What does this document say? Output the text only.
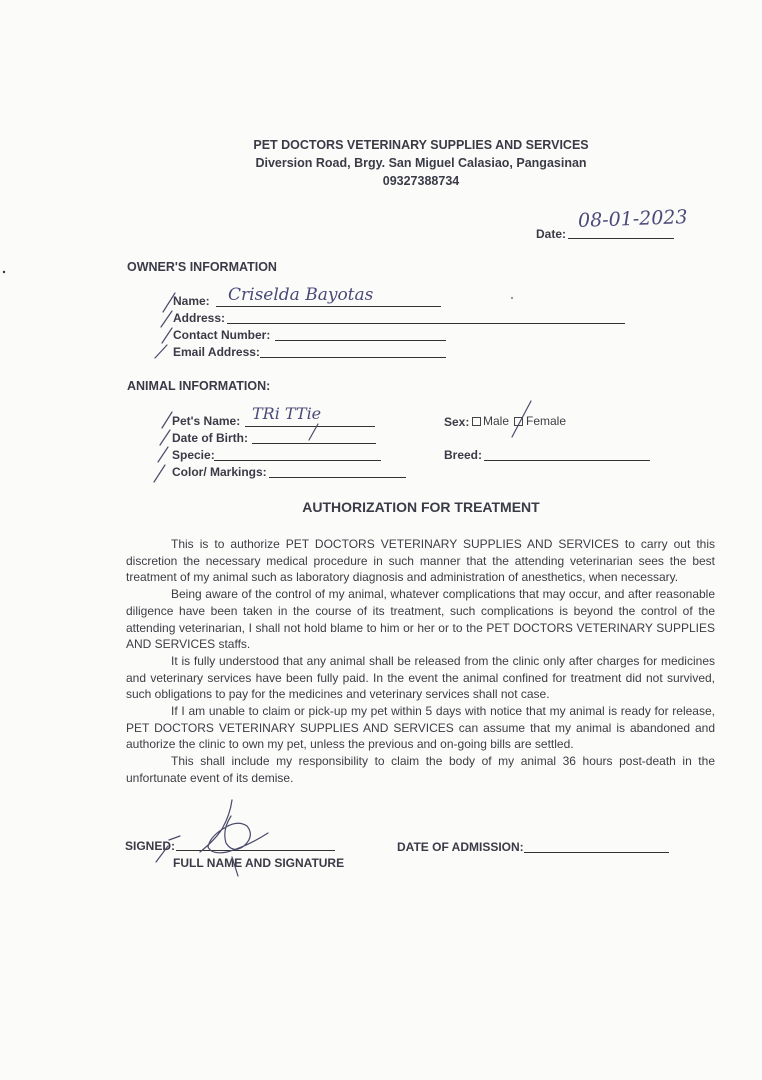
PET DOCTORS VETERINARY SUPPLIES AND SERVICES
Diversion Road, Brgy. San Miguel Calasiao, Pangasinan
09327388734
Date:
08-01-2023
OWNER'S INFORMATION
Name: Criselda Bayotas
Address:
Contact Number:
Email Address:
ANIMAL INFORMATION:
Pet's Name: TRi TTie
Date of Birth:
Specie:
Color/ Markings:
Sex: Male Female
Breed:
AUTHORIZATION FOR TREATMENT

This is to authorize PET DOCTORS VETERINARY SUPPLIES AND SERVICES to carry out this discretion the necessary medical procedure in such manner that the attending veterinarian sees the best treatment of my animal such as laboratory diagnosis and administration of anesthetics, when necessary.

Being aware of the control of my animal, whatever complications that may occur, and after reasonable diligence have been taken in the course of its treatment, such complications is beyond the control of the attending veterinarian, I shall not hold blame to him or her or to the PET DOCTORS VETERINARY SUPPLIES AND SERVICES staffs.

It is fully understood that any animal shall be released from the clinic only after charges for medicines and veterinary services have been fully paid. In the event the animal confined for treatment did not survived, such obligations to pay for the medicines and veterinary services shall not case.

If I am unable to claim or pick-up my pet within 5 days with notice that my animal is ready for release, PET DOCTORS VETERINARY SUPPLIES AND SERVICES can assume that my animal is abandoned and authorize the clinic to own my pet, unless the previous and on-going bills are settled.

This shall include my responsibility to claim the body of my animal 36 hours post-death in the unfortunate event of its demise.

SIGNED:
FULL NAME AND SIGNATURE
DATE OF ADMISSION:
